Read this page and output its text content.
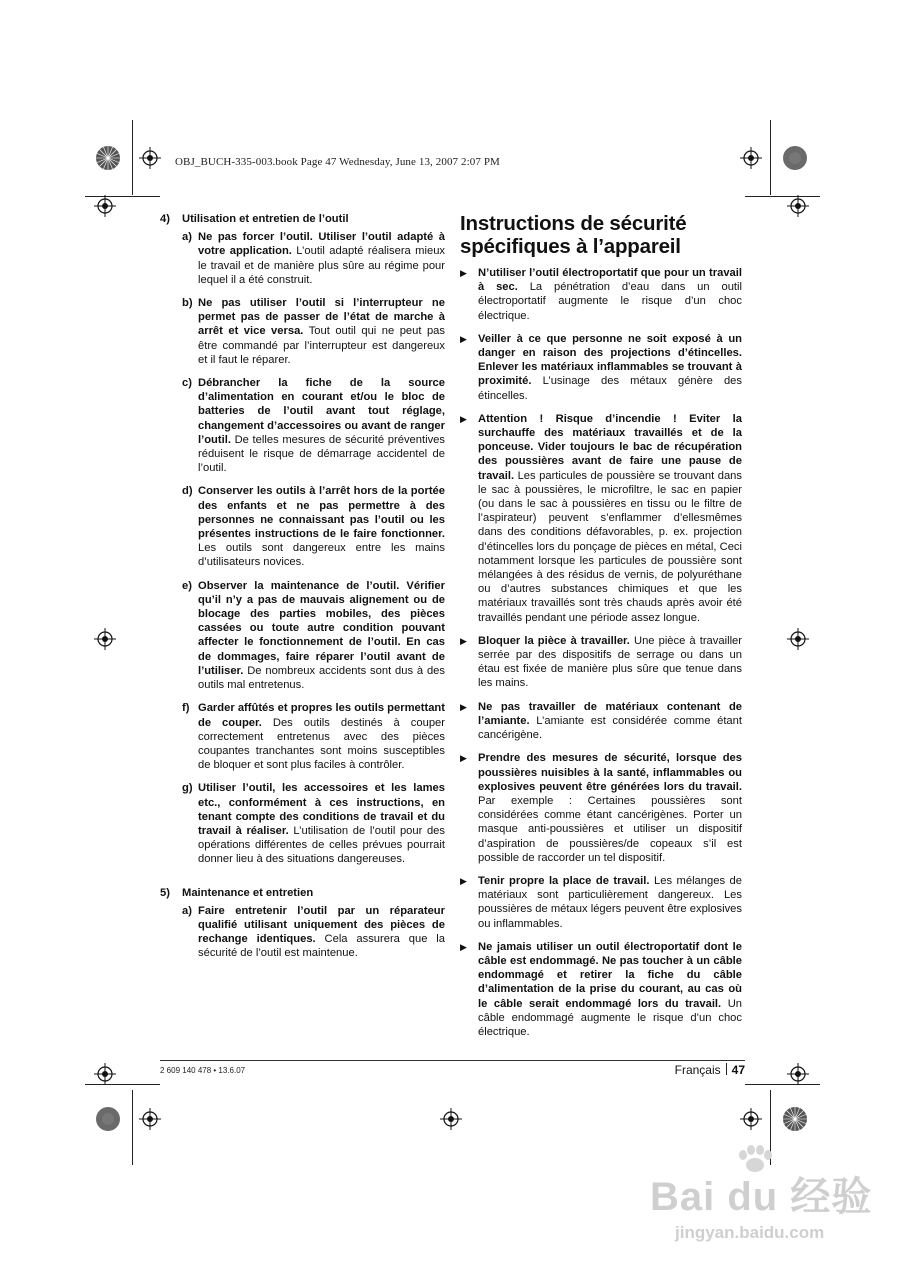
OBJ_BUCH-335-003.book Page 47 Wednesday, June 13, 2007 2:07 PM
4)	Utilisation et entretien de l’outil
a) Ne pas forcer l’outil. Utiliser l’outil adapté à votre application. L’outil adapté réalisera mieux le travail et de manière plus sûre au régime pour lequel il a été construit.
b) Ne pas utiliser l’outil si l’interrupteur ne permet pas de passer de l’état de marche à arrêt et vice versa. Tout outil qui ne peut pas être commandé par l’interrupteur est dangereux et il faut le réparer.
c) Débrancher la fiche de la source d’alimentation en courant et/ou le bloc de batteries de l’outil avant tout réglage, changement d’accessoires ou avant de ranger l’outil. De telles mesures de sécurité préventives réduisent le risque de démarrage accidentel de l’outil.
d) Conserver les outils à l’arrêt hors de la portée des enfants et ne pas permettre à des personnes ne connaissant pas l’outil ou les présentes instructions de le faire fonctionner. Les outils sont dangereux entre les mains d’utilisateurs novices.
e) Observer la maintenance de l’outil. Vérifier qu’il n’y a pas de mauvais alignement ou de blocage des parties mobiles, des pièces cassées ou toute autre condition pouvant affecter le fonctionnement de l’outil. En cas de dommages, faire réparer l’outil avant de l’utiliser. De nombreux accidents sont dus à des outils mal entretenus.
f) Garder affûtés et propres les outils permettant de couper. Des outils destinés à couper correctement entretenus avec des pièces coupantes tranchantes sont moins susceptibles de bloquer et sont plus faciles à contrôler.
g) Utiliser l’outil, les accessoires et les lames etc., conformément à ces instructions, en tenant compte des conditions de travail et du travail à réaliser. L’utilisation de l’outil pour des opérations différentes de celles prévues pourrait donner lieu à des situations dangereuses.
5)	Maintenance et entretien
a) Faire entretenir l’outil par un réparateur qualifié utilisant uniquement des pièces de rechange identiques. Cela assurera que la sécurité de l’outil est maintenue.
Instructions de sécurité
spécifiques à l’appareil
▶ N’utiliser l’outil électroportatif que pour un travail à sec. La pénétration d’eau dans un outil électroportatif augmente le risque d’un choc électrique.
▶ Veiller à ce que personne ne soit exposé à un danger en raison des projections d’étincelles. Enlever les matériaux inflammables se trouvant à proximité. L’usinage des métaux génère des étincelles.
▶ Attention ! Risque d’incendie ! Eviter la surchauffe des matériaux travaillés et de la ponceuse. Vider toujours le bac de récupération des poussières avant de faire une pause de travail. Les particules de poussière se trouvant dans le sac à poussières, le microfiltre, le sac en papier (ou dans le sac à poussières en tissu ou le filtre de l’aspirateur) peuvent s’enflammer d’ellesmêmes dans des conditions défavorables, p. ex. projection d’étincelles lors du ponçage de pièces en métal, Ceci notamment lorsque les particules de poussière sont mélangées à des résidus de vernis, de polyuréthane ou d’autres substances chimiques et que les matériaux travaillés sont très chauds après avoir été travaillés pendant une période assez longue.
▶ Bloquer la pièce à travailler. Une pièce à travailler serrée par des dispositifs de serrage ou dans un étau est fixée de manière plus sûre que tenue dans les mains.
▶ Ne pas travailler de matériaux contenant de l’amiante. L’amiante est considérée comme étant cancérigène.
▶ Prendre des mesures de sécurité, lorsque des poussières nuisibles à la santé, inflammables ou explosives peuvent être générées lors du travail. Par exemple : Certaines poussières sont considérées comme étant cancérigènes. Porter un masque anti-poussières et utiliser un dispositif d’aspiration de poussières/de copeaux s’il est possible de raccorder un tel dispositif.
▶ Tenir propre la place de travail. Les mélanges de matériaux sont particulièrement dangereux. Les poussières de métaux légers peuvent être explosives ou inflammables.
▶ Ne jamais utiliser un outil électroportatif dont le câble est endommagé. Ne pas toucher à un câble endommagé et retirer la fiche du câble d’alimentation de la prise du courant, au cas où le câble serait endommagé lors du travail. Un câble endommagé augmente le risque d’un choc électrique.
2 609 140 478 • 13.6.07	Français 47
Bai du 经验
jingyan.baidu.com
